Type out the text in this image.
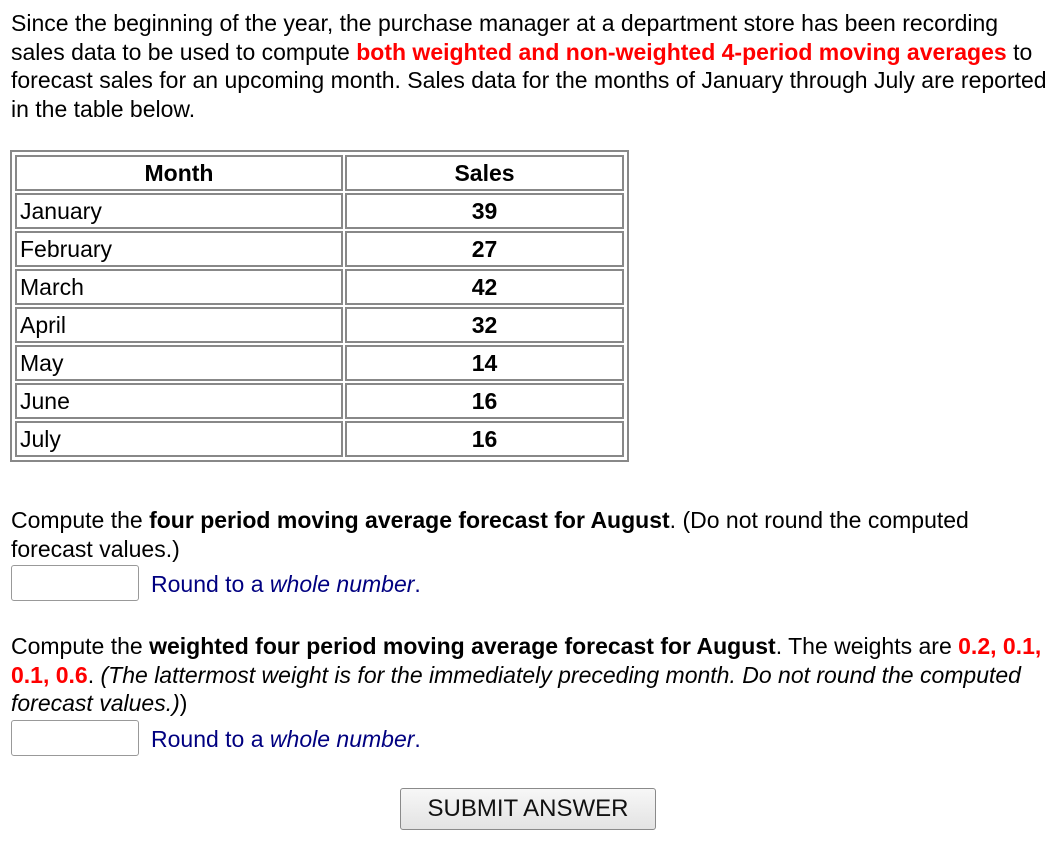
Since the beginning of the year, the purchase manager at a department store has been recording sales data to be used to compute both weighted and non-weighted 4-period moving averages to forecast sales for an upcoming month. Sales data for the months of January through July are reported in the table below.

Month	Sales
January	39
February	27
March	42
April	32
May	14
June	16
July	16

Compute the four period moving average forecast for August. (Do not round the computed forecast values.)

Round to a whole number.

Compute the weighted four period moving average forecast for August. The weights are 0.2, 0.1, 0.1, 0.6. (The lattermost weight is for the immediately preceding month. Do not round the computed forecast values.))

Round to a whole number.
SUBMIT ANSWER
